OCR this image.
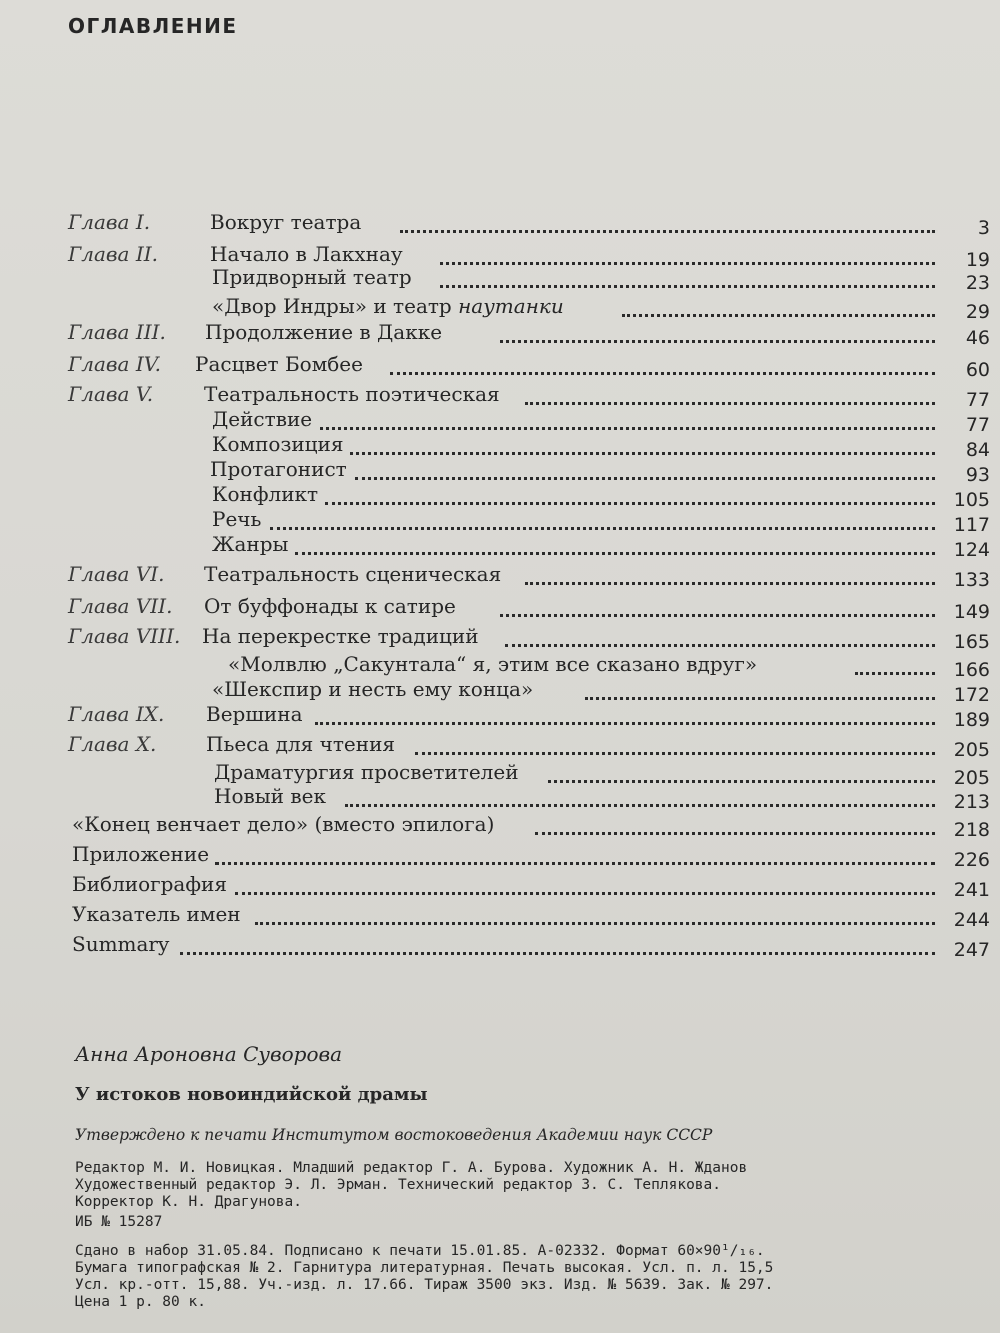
ОГЛАВЛЕНИЕ
Глава I.	Вокруг театра	3
Глава II.	Начало в Лакхнау	19
Придворный театр	23
«Двор Индры» и театр наутанки	29
Глава III. Продолжение в Дакке	46
Глава IV. Расцвет Бомбее	60
Глава V.	Театральность поэтическая	77
Действие	77
Композиция	84
Протагонист	93
Конфликт	105
Речь	117
Жанры	124
Глава VI. Театральность сценическая	133
Глава VII. От буффонады к сатире	149
Глава VIII. На перекрестке традиций	165
«Молвлю „Сакунтала“ я, этим все сказано вдруг»	166
«Шекспир и несть ему конца»	172
Глава IX. Вершина	189
Глава X. Пьеса для чтения	205
Драматургия просветителей	205
Новый век	213
«Конец венчает дело» (вместо эпилога)	218
Приложение	226
Библиография	241
Указатель имен	244
Summary	247
Анна Ароновна Суворова
У истоков новоиндийской драмы
Утверждено к печати Институтом востоковедения Академии наук СССР
Редактор М. И. Новицкая. Младший редактор Г. А. Бурова. Художник А. Н. Жданов
Художественный редактор Э. Л. Эрман. Технический редактор З. С. Теплякова.
Корректор К. Н. Драгунова.
ИБ № 15287
Сдано в набор 31.05.84. Подписано к печати 15.01.85. А-02332. Формат 60×90¹/₁₆.
Бумага типографская № 2. Гарнитура литературная. Печать высокая. Усл. п. л. 15,5
Усл. кр.-отт. 15,88. Уч.-изд. л. 17.66. Тираж 3500 экз. Изд. № 5639. Зак. № 297.
Цена 1 р. 80 к.
